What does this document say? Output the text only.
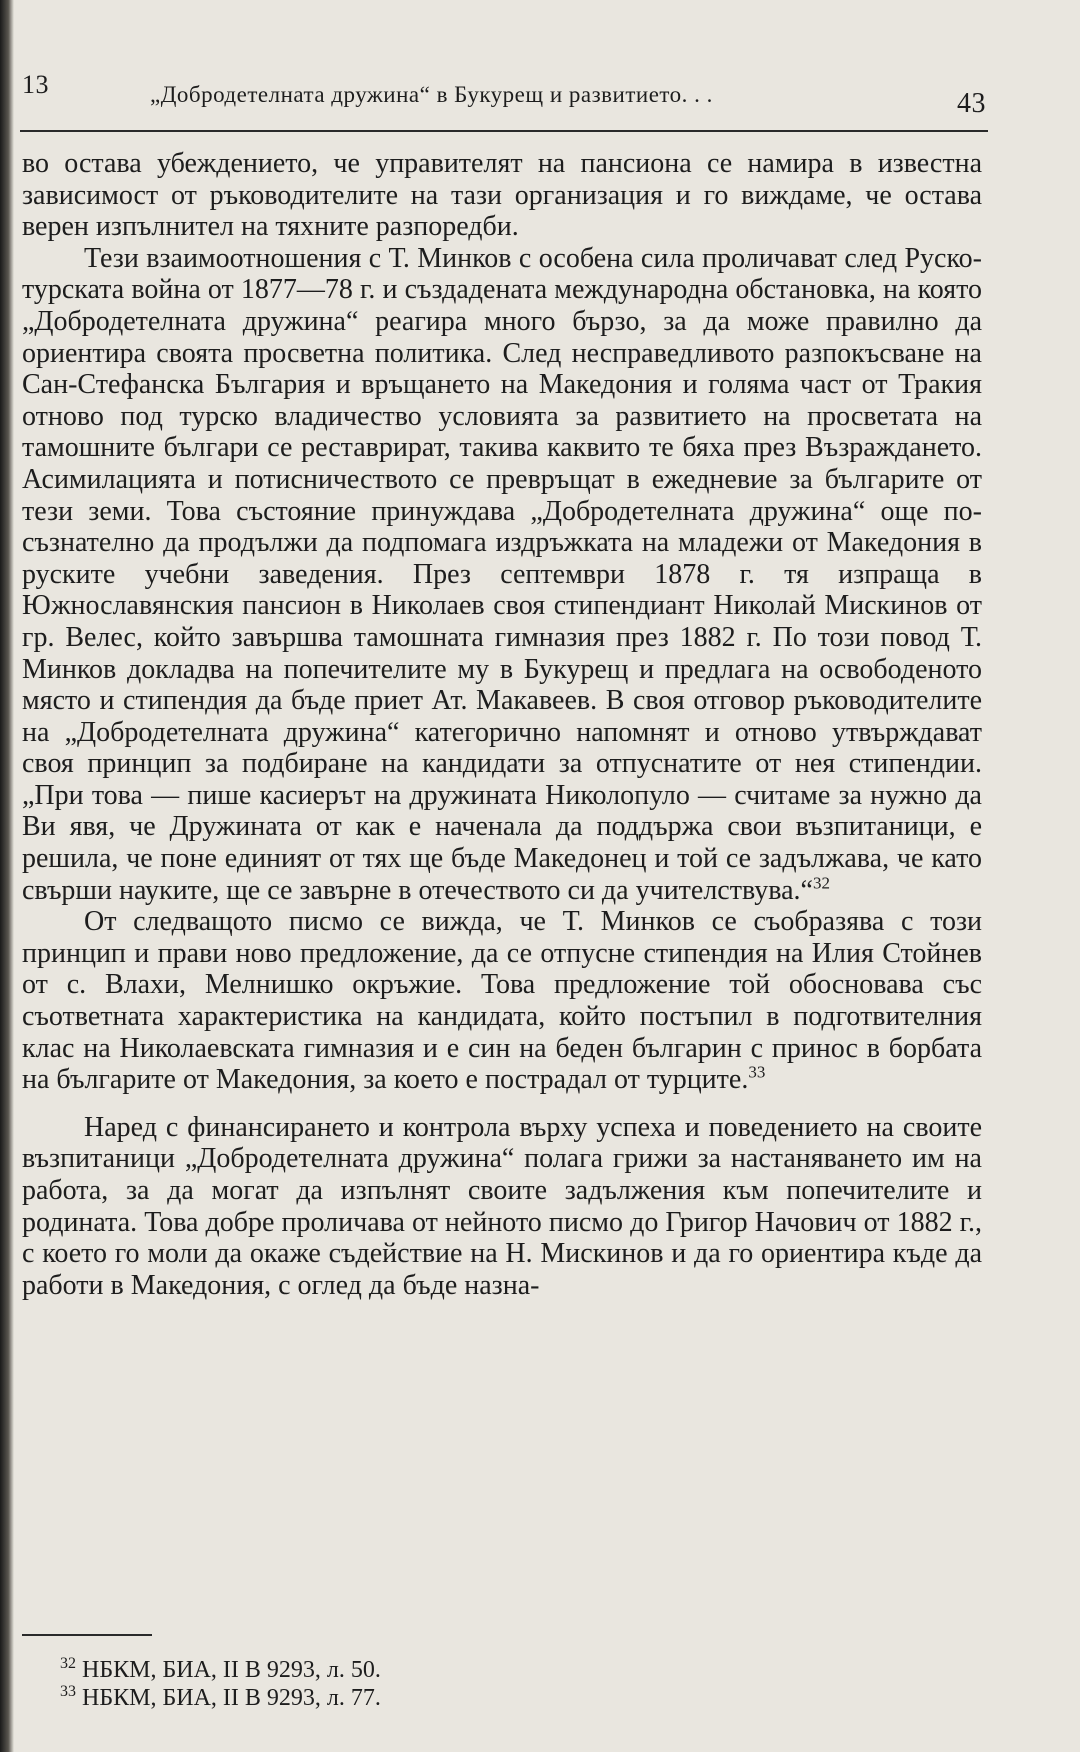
13	„Добродетелната дружина“ в Букурещ и развитието. . .	43

во остава убеждението, че управителят на пансиона се намира в известна зависимост от ръководителите на тази организация и го виждаме, че остава верен изпълнител на тяхните разпоредби.

Тези взаимоотношения с Т. Минков с особена сила проличават след Руско-турската война от 1877—78 г. и създадената международна обстановка, на която „Добродетелната дружина“ реагира много бързо, за да може правилно да ориентира своята просветна политика. След несправедливото разпокъсване на Сан-Стефанска България и връщането на Македония и голяма част от Тракия отново под турско владичество условията за развитието на просветата на тамошните българи се реставрират, такива каквито те бяха през Възраждането. Асимилацията и потисничеството се превръщат в ежедневие за българите от тези земи. Това състояние принуждава „Добродетелната дружина“ още по-съзнателно да продължи да подпомага издръжката на младежи от Македония в руските учебни заведения. През септември 1878 г. тя изпраща в Южнославянския пансион в Николаев своя стипендиант Николай Мискинов от гр. Велес, който завършва тамошната гимназия през 1882 г. По този повод Т. Минков докладва на попечителите му в Букурещ и предлага на освободеното място и стипендия да бъде приет Ат. Макавеев. В своя отговор ръководителите на „Добродетелната дружина“ категорично напомнят и отново утвърждават своя принцип за подбиране на кандидати за отпуснатите от нея стипендии. „При това — пише касиерът на дружината Николопуло — считаме за нужно да Ви явя, че Дружината от как е наченала да поддържа свои възпитаници, е решила, че поне единият от тях ще бъде Македонец и той се задължава, че като свърши науките, ще се завърне в отечеството си да учителствува.“$^{32}$

От следващото писмо се вижда, че Т. Минков се съобразява с този принцип и прави ново предложение, да се отпусне стипендия на Илия Стойнев от с. Влахи, Мелнишко окръжие. Това предложение той обосновава със съответната характеристика на кандидата, който постъпил в подготвителния клас на Николаевската гимназия и е син на беден българин с принос в борбата на българите от Македония, за което е пострадал от турците.$^{33}$

Наред с финансирането и контрола върху успеха и поведението на своите възпитаници „Добродетелната дружина“ полага грижи за настаняването им на работа, за да могат да изпълнят своите задължения към попечителите и родината. Това добре проличава от нейното писмо до Григор Начович от 1882 г., с което го моли да окаже съдействие на Н. Мискинов и да го ориентира къде да работи в Македония, с оглед да бъде назна-

$^{32}$ НБКМ, БИА, II В 9293, л. 50.
$^{33}$ НБКМ, БИА, II В 9293, л. 77.
